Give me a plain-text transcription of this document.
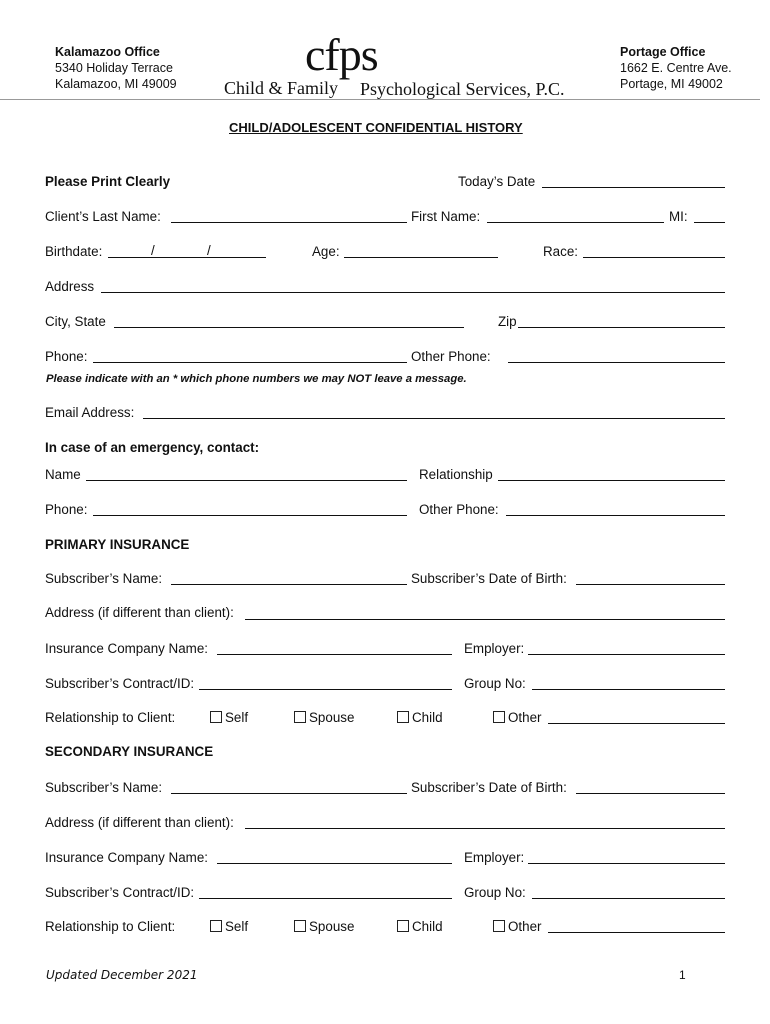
Kalamazoo Office
5340 Holiday Terrace
Kalamazoo, MI 49009
cfps
Child & Family Psychological Services, P.C.
Portage Office
1662 E. Centre Ave.
Portage, MI 49002
CHILD/ADOLESCENT CONFIDENTIAL HISTORY
Please Print Clearly	Today’s Date
Client’s Last Name:	First Name:	MI:
Birthdate:	/	/	Age:	Race:
Address
City, State	Zip
Phone:	Other Phone:
Please indicate with an * which phone numbers we may NOT leave a message.
Email Address:
In case of an emergency, contact:
Name	Relationship
Phone:	Other Phone:
PRIMARY INSURANCE
Subscriber’s Name:	Subscriber’s Date of Birth:
Address (if different than client):
Insurance Company Name:	Employer:
Subscriber’s Contract/ID:	Group No:
Relationship to Client:	Self	Spouse	Child	Other
SECONDARY INSURANCE
Subscriber’s Name:	Subscriber’s Date of Birth:
Address (if different than client):
Insurance Company Name:	Employer:
Subscriber’s Contract/ID:	Group No:
Relationship to Client:	Self	Spouse	Child	Other
Updated December 2021	1
